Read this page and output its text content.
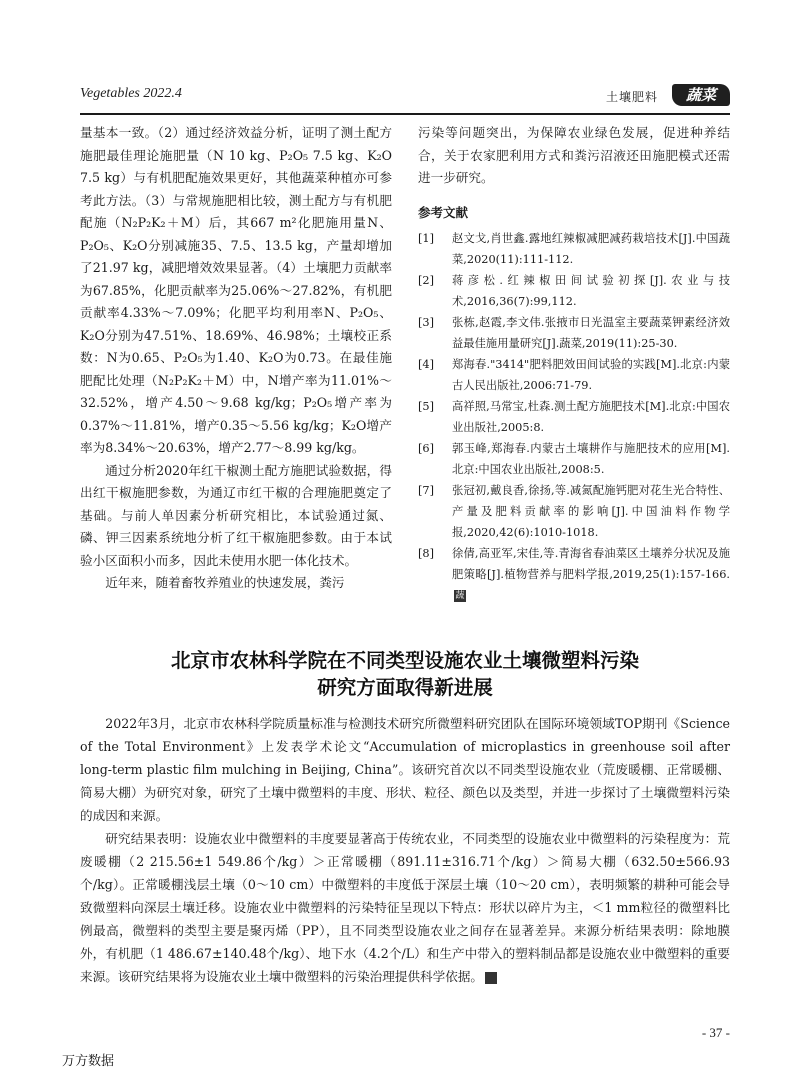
Vegetables 2022.4	土壤肥料	蔬菜

量基本一致。（2）通过经济效益分析，证明了测土配方施肥最佳理论施肥量（N 10 kg、P₂O₅ 7.5 kg、K₂O 7.5 kg）与有机肥配施效果更好，其他蔬菜种植亦可参考此方法。（3）与常规施肥相比较，测土配方与有机肥配施（N₂P₂K₂＋M）后，其667 m²化肥施用量N、P₂O₅、K₂O分别减施35、7.5、13.5 kg，产量却增加了21.97 kg，减肥增效效果显著。（4）土壤肥力贡献率为67.85%，化肥贡献率为25.06%～27.82%，有机肥贡献率4.33%～7.09%；化肥平均利用率N、P₂O₅、K₂O分别为47.51%、18.69%、46.98%；土壤校正系数：N为0.65、P₂O₅为1.40、K₂O为0.73。在最佳施肥配比处理（N₂P₂K₂＋M）中，N增产率为11.01%～32.52%，增产4.50～9.68 kg/kg；P₂O₅增产率为0.37%～11.81%，增产0.35～5.56 kg/kg；K₂O增产率为8.34%～20.63%，增产2.77～8.99 kg/kg。

通过分析2020年红干椒测土配方施肥试验数据，得出红干椒施肥参数，为通辽市红干椒的合理施肥奠定了基础。与前人单因素分析研究相比，本试验通过氮、磷、钾三因素系统地分析了红干椒施肥参数。由于本试验小区面积小而多，因此未使用水肥一体化技术。

近年来，随着畜牧养殖业的快速发展，粪污

污染等问题突出，为保障农业绿色发展，促进种养结合，关于农家肥利用方式和粪污沼液还田施肥模式还需进一步研究。

参考文献
[1] 赵文戈,肖世鑫.露地红辣椒减肥减药栽培技术[J].中国蔬菜,2020(11):111-112.
[2] 蒋彦松.红辣椒田间试验初探[J].农业与技术,2016,36(7):99,112.
[3] 张栋,赵霞,李文伟.张掖市日光温室主要蔬菜钾素经济效益最佳施用量研究[J].蔬菜,2019(11):25-30.
[4] 郑海春."3414"肥料肥效田间试验的实践[M].北京:内蒙古人民出版社,2006:71-79.
[5] 高祥照,马常宝,杜森.测土配方施肥技术[M].北京:中国农业出版社,2005:8.
[6] 郭玉峰,郑海春.内蒙古土壤耕作与施肥技术的应用[M].北京:中国农业出版社,2008:5.
[7] 张冠初,戴良香,徐扬,等.减氮配施钙肥对花生光合特性、产量及肥料贡献率的影响[J].中国油料作物学报,2020,42(6):1010-1018.
[8] 徐倩,高亚军,宋佳,等.青海省春油菜区土壤养分状况及施肥策略[J].植物营养与肥料学报,2019,25(1):157-166.蔬
北京市农林科学院在不同类型设施农业土壤微塑料污染
研究方面取得新进展

2022年3月，北京市农林科学院质量标准与检测技术研究所微塑料研究团队在国际环境领域TOP期刊《Science of the Total Environment》上发表学术论文“Accumulation of microplastics in greenhouse soil after long-term plastic film mulching in Beijing, China”。该研究首次以不同类型设施农业（荒废暖棚、正常暖棚、简易大棚）为研究对象，研究了土壤中微塑料的丰度、形状、粒径、颜色以及类型，并进一步探讨了土壤微塑料污染的成因和来源。

研究结果表明：设施农业中微塑料的丰度要显著高于传统农业，不同类型的设施农业中微塑料的污染程度为：荒废暖棚（2 215.56±1 549.86个/kg）＞正常暖棚（891.11±316.71个/kg）＞简易大棚（632.50±566.93个/kg）。正常暖棚浅层土壤（0～10 cm）中微塑料的丰度低于深层土壤（10～20 cm），表明频繁的耕种可能会导致微塑料向深层土壤迁移。设施农业中微塑料的污染特征呈现以下特点：形状以碎片为主，＜1 mm粒径的微塑料比例最高，微塑料的类型主要是聚丙烯（PP），且不同类型设施农业之间存在显著差异。来源分析结果表明：除地膜外，有机肥（1 486.67±140.48个/kg）、地下水（4.2个/L）和生产中带入的塑料制品都是设施农业中微塑料的重要来源。该研究结果将为设施农业土壤中微塑料的污染治理提供科学依据。	蔬

- 37 -
万方数据
